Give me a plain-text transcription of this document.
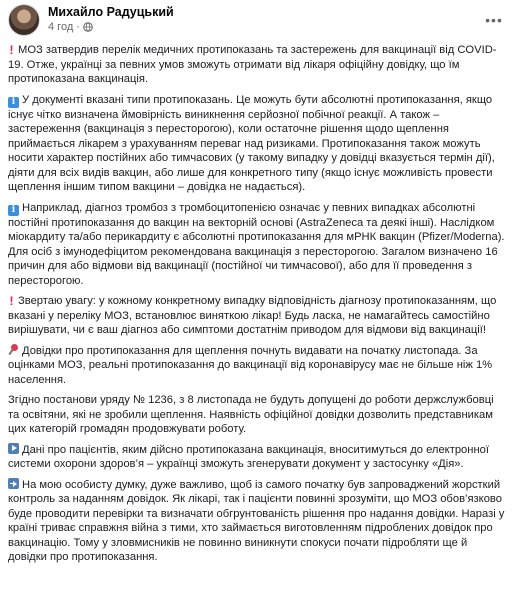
Михайло Радуцький
4 год ·	•••

! МОЗ затвердив перелік медичних протипоказань та застережень для вакцинації від COVID-19. Отже, українці за певних умов зможуть отримати від лікаря офіційну довідку, що їм протипоказана вакцинація.

i У документі вказані типи протипоказань. Це можуть бути абсолютні протипоказання, якщо існує чітко визначена ймовірність виникнення серйозної побічної реакції. А також – застереження (вакцинація з пересторогою), коли остаточне рішення щодо щеплення приймається лікарем з урахуванням переваг над ризиками. Протипоказання також можуть носити характер постійних або тимчасових (у такому випадку у довідці вказується термін дії), діяти для всіх видів вакцин, або лише для конкретного типу (якщо існує можливість провести щеплення іншим типом вакцини – довідка не надається).

i Наприклад, діагноз тромбоз з тромбоцитопенією означає у певних випадках абсолютні постійні протипоказання до вакцин на векторній основі (AstraZeneca та деякі інші). Наслідком міокардиту та/або перикардиту є абсолютні протипоказання для мРНК вакцин (Pfizer/Moderna). Для осіб з імунодефіцитом рекомендована вакцинація з пересторогою. Загалом визначено 16 причин для або відмови від вакцинації (постійної чи тимчасової), або для її проведення з пересторогою.

! Звертаю увагу: у кожному конкретному випадку відповідність діагнозу протипоказанням, що вказані у переліку МОЗ, встановлює виняткою лікар! Будь ласка, не намагайтесь самостійно вирішувати, чи є ваш діагноз або симптоми достатнім приводом для відмови від вакцинації!

Довідки про протипоказання для щеплення почнуть видавати на початку листопада. За оцінками МОЗ, реальні протипоказання до вакцинації від коронавірусу має не більше ніж 1% населення.

Згідно постанови уряду № 1236, з 8 листопада не будуть допущені до роботи держслужбовці та освітяни, які не зробили щеплення. Наявність офіційної довідки дозволить представникам цих категорій громадян продовжувати роботу.

Дані про пацієнтів, яким дійсно протипоказана вакцинація, вноситимуться до електронної системи охорони здоров’я – українці зможуть згенерувати документ у застосунку «Дія».

На мою особисту думку, дуже важливо, щоб із самого початку був запроваджений жорсткий контроль за наданням довідок. Як лікарі, так і пацієнти повинні зрозуміти, що МОЗ обов’язково буде проводити перевірки та визначати обгрунтованість рішення про надання довідки. Наразі у країні триває справжня війна з тими, хто займається виготовленням підроблених довідок про вакцинацію. Тому у зловмисників не повинно виникнути спокуси почати підробляти ще й довідки про протипоказання.
